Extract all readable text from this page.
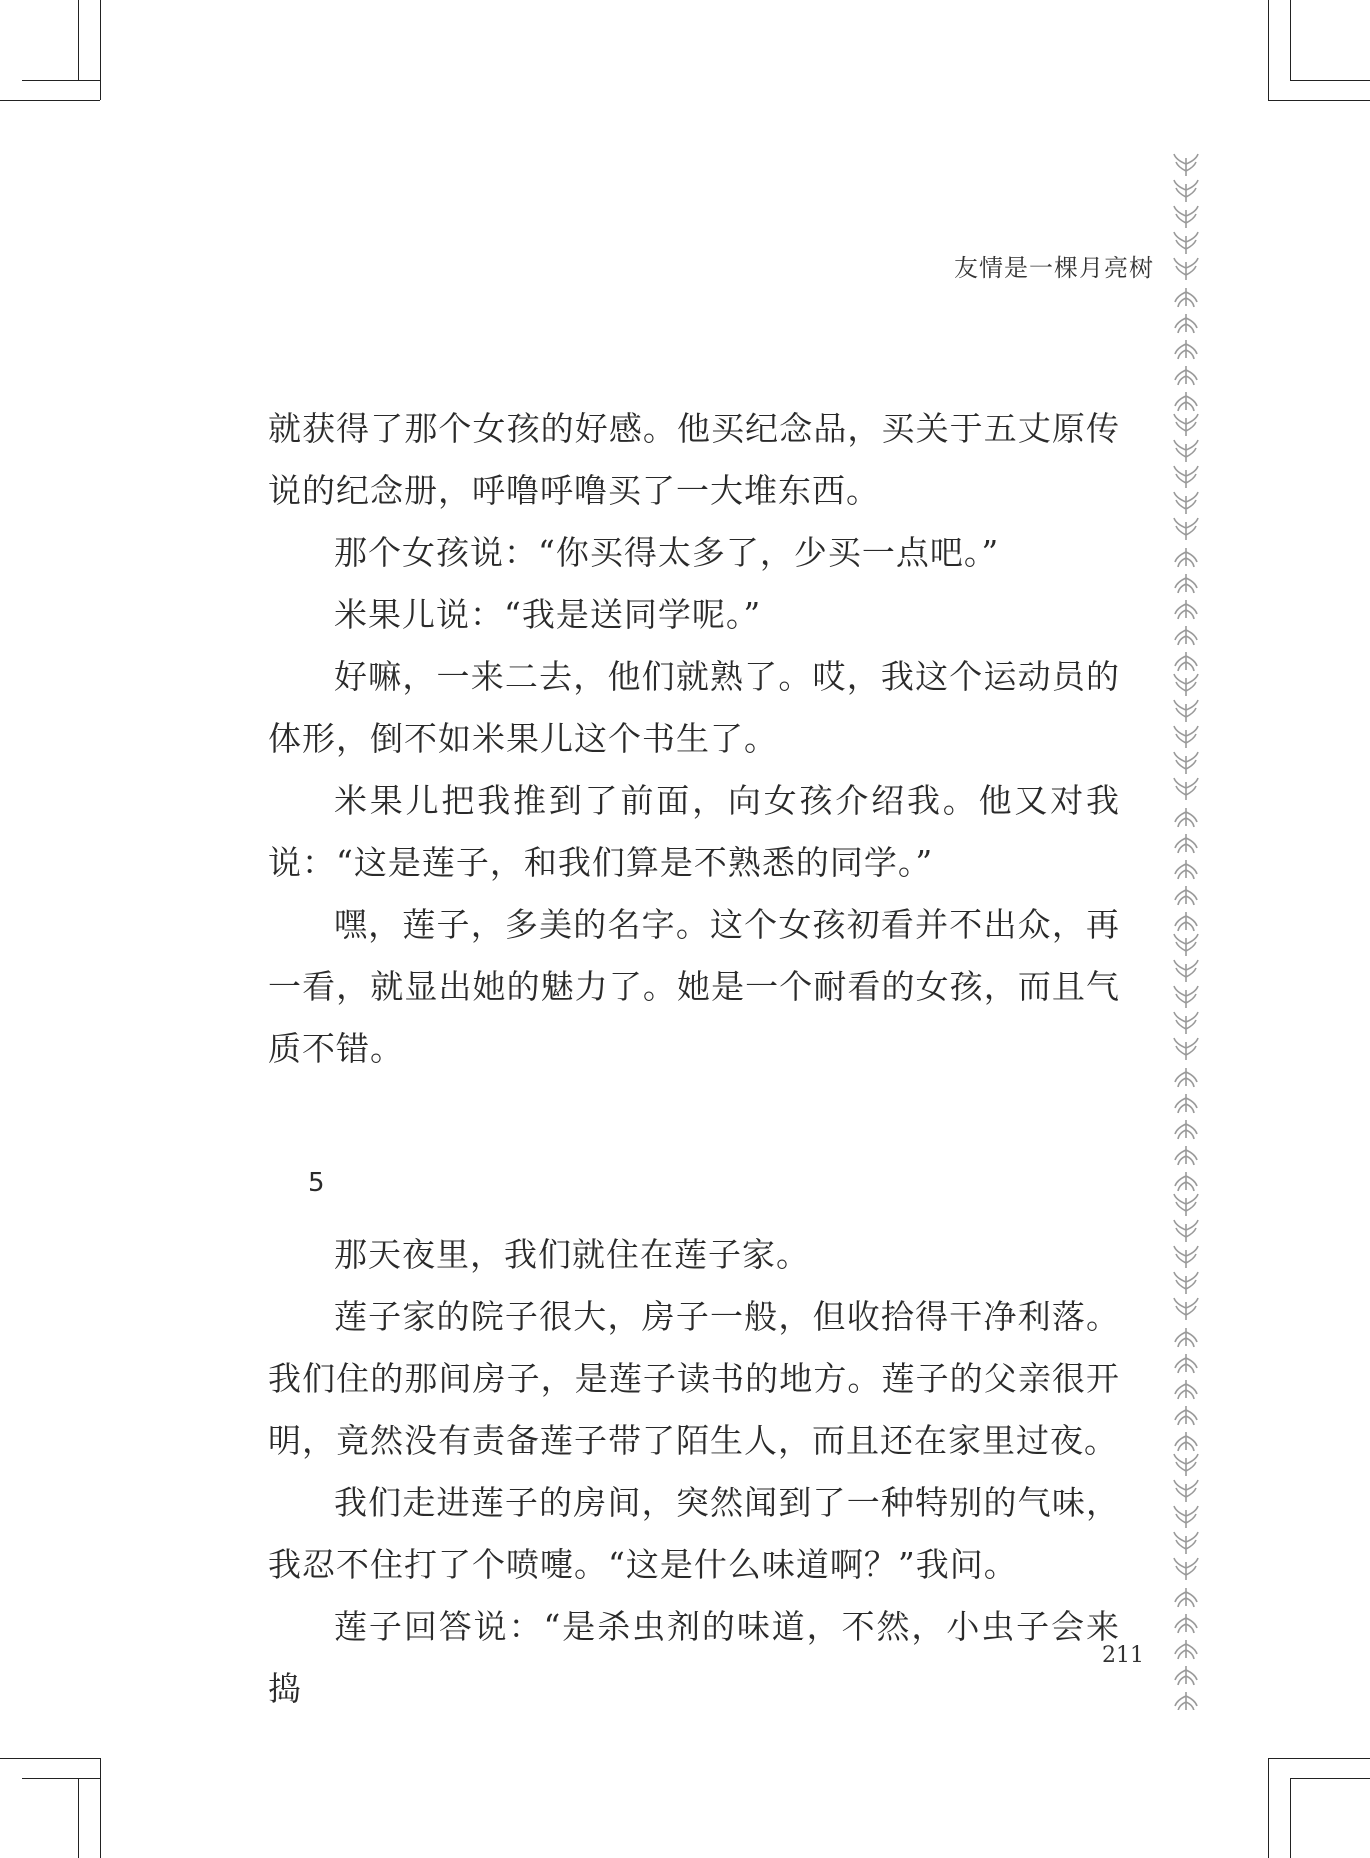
友情是一棵月亮树

就获得了那个女孩的好感。他买纪念品，买关于五丈原传说的纪念册，呼噜呼噜买了一大堆东西。

那个女孩说：“你买得太多了，少买一点吧。”

米果儿说：“我是送同学呢。”

好嘛，一来二去，他们就熟了。哎，我这个运动员的体形，倒不如米果儿这个书生了。

米果儿把我推到了前面，向女孩介绍我。他又对我说：“这是莲子，和我们算是不熟悉的同学。”

嘿，莲子，多美的名字。这个女孩初看并不出众，再一看，就显出她的魅力了。她是一个耐看的女孩，而且气质不错。

5

那天夜里，我们就住在莲子家。

莲子家的院子很大，房子一般，但收拾得干净利落。我们住的那间房子，是莲子读书的地方。莲子的父亲很开明，竟然没有责备莲子带了陌生人，而且还在家里过夜。

我们走进莲子的房间，突然闻到了一种特别的气味，我忍不住打了个喷嚏。“这是什么味道啊？”我问。

莲子回答说：“是杀虫剂的味道，不然，小虫子会来捣

211
